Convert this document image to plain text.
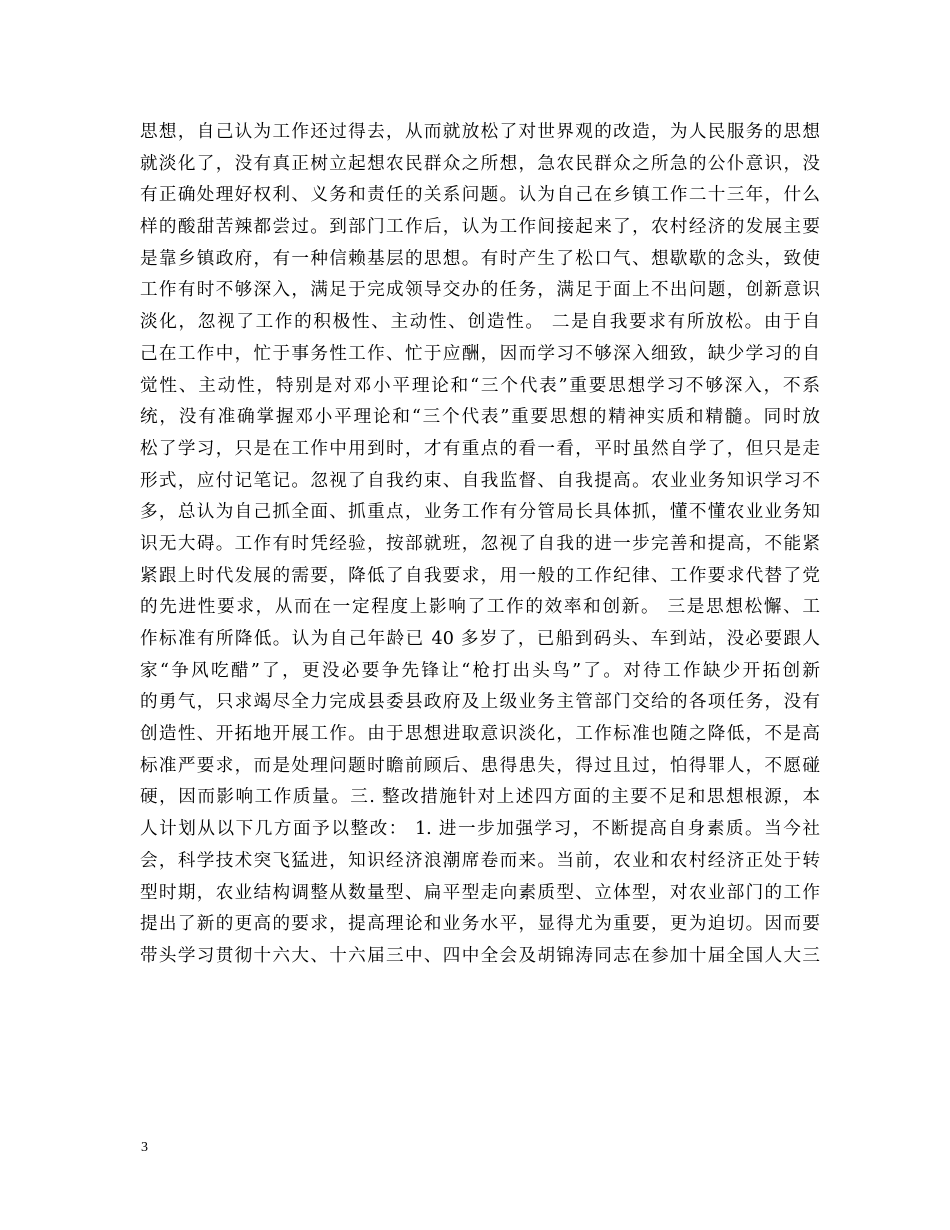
思想，自己认为工作还过得去，从而就放松了对世界观的改造，为人民服务的思想
就淡化了，没有真正树立起想农民群众之所想，急农民群众之所急的公仆意识，没
有正确处理好权利、义务和责任的关系问题。认为自己在乡镇工作二十三年，什么
样的酸甜苦辣都尝过。到部门工作后，认为工作间接起来了，农村经济的发展主要
是靠乡镇政府，有一种信赖基层的思想。有时产生了松口气、想歇歇的念头，致使
工作有时不够深入，满足于完成领导交办的任务，满足于面上不出问题，创新意识
淡化，忽视了工作的积极性、主动性、创造性。 二是自我要求有所放松。由于自
己在工作中，忙于事务性工作、忙于应酬，因而学习不够深入细致，缺少学习的自
觉性、主动性，特别是对邓小平理论和“三个代表”重要思想学习不够深入，不系
统，没有准确掌握邓小平理论和“三个代表”重要思想的精神实质和精髓。同时放
松了学习，只是在工作中用到时，才有重点的看一看，平时虽然自学了，但只是走
形式，应付记笔记。忽视了自我约束、自我监督、自我提高。农业业务知识学习不
多，总认为自己抓全面、抓重点，业务工作有分管局长具体抓，懂不懂农业业务知
识无大碍。工作有时凭经验，按部就班，忽视了自我的进一步完善和提高，不能紧
紧跟上时代发展的需要，降低了自我要求，用一般的工作纪律、工作要求代替了党
的先进性要求，从而在一定程度上影响了工作的效率和创新。 三是思想松懈、工
作标准有所降低。认为自己年龄已 40 多岁了，已船到码头、车到站，没必要跟人
家“争风吃醋”了，更没必要争先锋让“枪打出头鸟”了。对待工作缺少开拓创新
的勇气，只求竭尽全力完成县委县政府及上级业务主管部门交给的各项任务，没有
创造性、开拓地开展工作。由于思想进取意识淡化，工作标准也随之降低，不是高
标准严要求，而是处理问题时瞻前顾后、患得患失，得过且过，怕得罪人，不愿碰
硬，因而影响工作质量。三. 整改措施针对上述四方面的主要不足和思想根源，本
人计划从以下几方面予以整改： 1. 进一步加强学习，不断提高自身素质。当今社
会，科学技术突飞猛进，知识经济浪潮席卷而来。当前，农业和农村经济正处于转
型时期，农业结构调整从数量型、扁平型走向素质型、立体型，对农业部门的工作
提出了新的更高的要求，提高理论和业务水平，显得尤为重要，更为迫切。因而要
带头学习贯彻十六大、十六届三中、四中全会及胡锦涛同志在参加十届全国人大三
3
